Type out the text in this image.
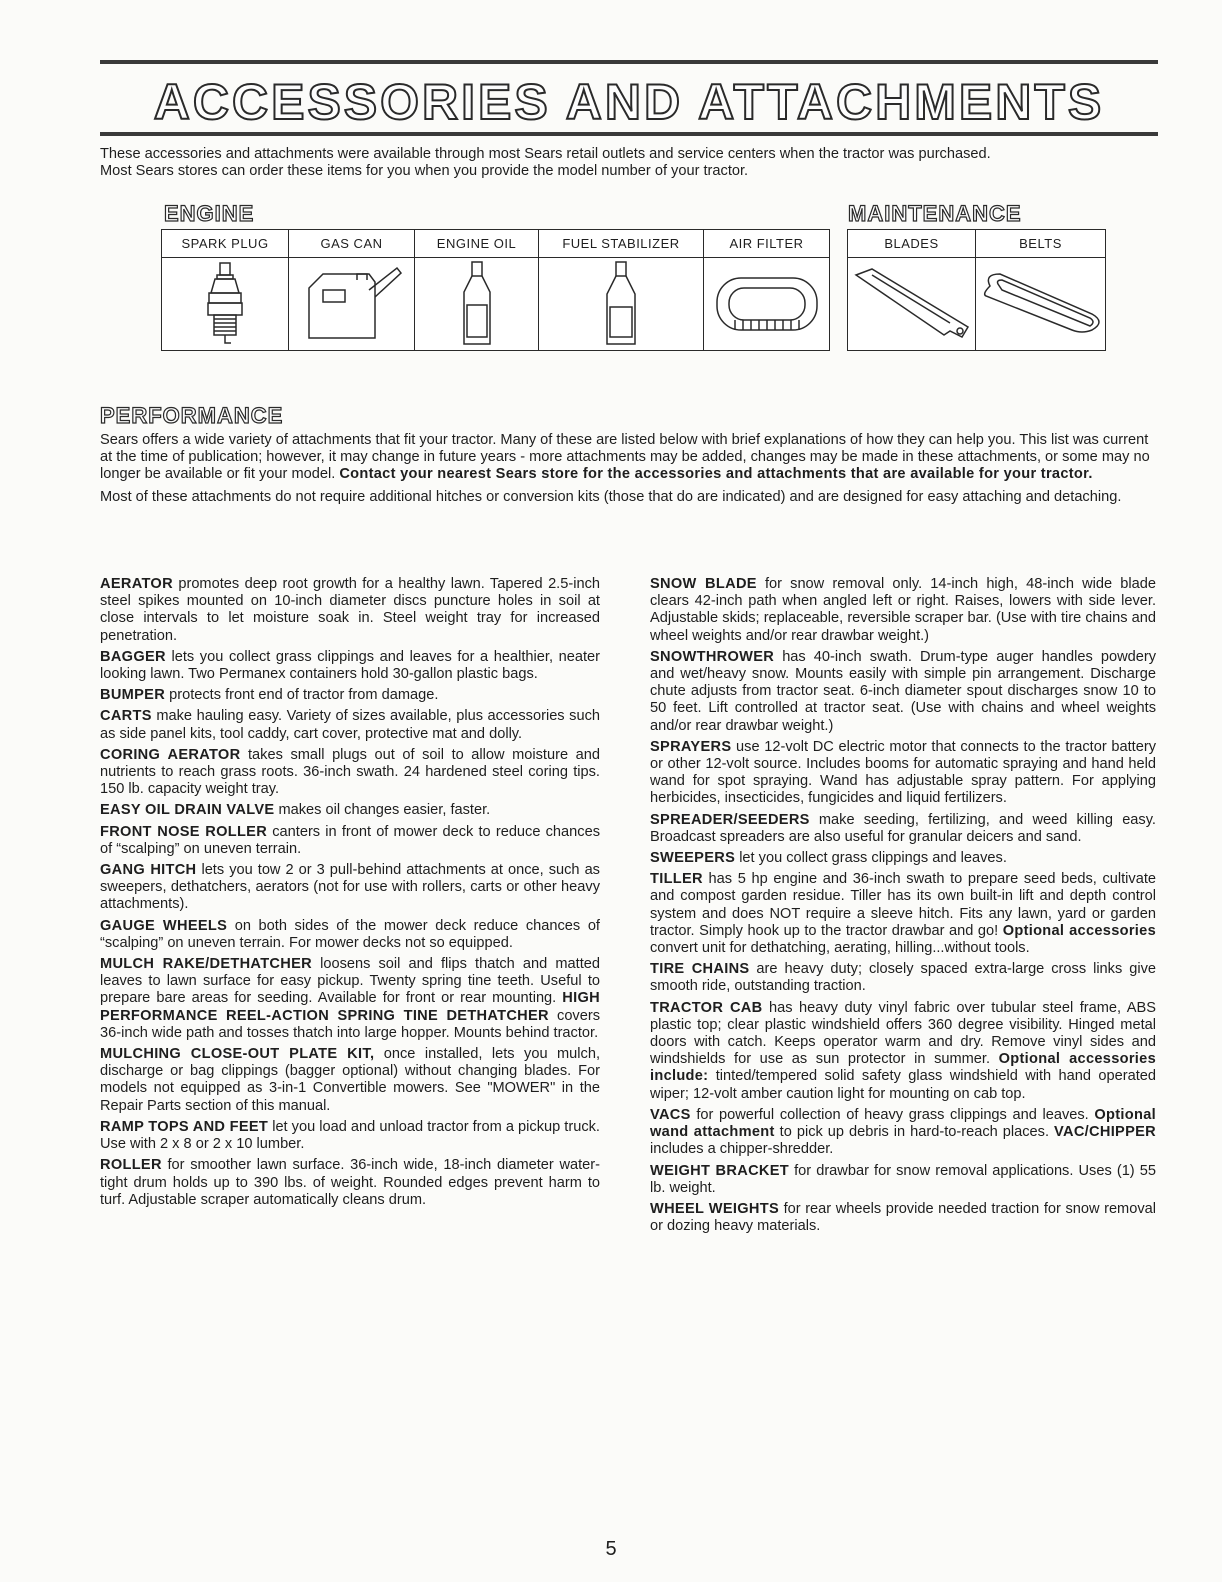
ACCESSORIES AND ATTACHMENTS
These accessories and attachments were available through most Sears retail outlets and service centers when the tractor was purchased.
Most Sears stores can order these items for you when you provide the model number of your tractor.
ENGINE	MAINTENANCE
SPARK PLUG	GAS CAN	ENGINE OIL	FUEL STABILIZER	AIR FILTER

		BLADES	BELTS

PERFORMANCE

Sears offers a wide variety of attachments that fit your tractor. Many of these are listed below with brief explanations of how they can help you. This list was current at the time of publication; however, it may change in future years - more attachments may be added, changes may be made in these attachments, or some may no longer be available or fit your model. Contact your nearest Sears store for the accessories and attachments that are available for your tractor.

Most of these attachments do not require additional hitches or conversion kits (those that do are indicated) and are designed for easy attaching and detaching.

AERATOR promotes deep root growth for a healthy lawn. Tapered 2.5-inch steel spikes mounted on 10-inch diameter discs puncture holes in soil at close intervals to let moisture soak in. Steel weight tray for increased penetration.

BAGGER lets you collect grass clippings and leaves for a healthier, neater looking lawn. Two Permanex containers hold 30-gallon plastic bags.

BUMPER protects front end of tractor from damage.

CARTS make hauling easy. Variety of sizes available, plus accessories such as side panel kits, tool caddy, cart cover, protective mat and dolly.

CORING AERATOR takes small plugs out of soil to allow moisture and nutrients to reach grass roots. 36-inch swath. 24 hardened steel coring tips. 150 lb. capacity weight tray.

EASY OIL DRAIN VALVE makes oil changes easier, faster.

FRONT NOSE ROLLER canters in front of mower deck to reduce chances of “scalping” on uneven terrain.

GANG HITCH lets you tow 2 or 3 pull-behind attachments at once, such as sweepers, dethatchers, aerators (not for use with rollers, carts or other heavy attachments).

GAUGE WHEELS on both sides of the mower deck reduce chances of “scalping” on uneven terrain. For mower decks not so equipped.

MULCH RAKE/DETHATCHER loosens soil and flips thatch and matted leaves to lawn surface for easy pickup. Twenty spring tine teeth. Useful to prepare bare areas for seeding. Available for front or rear mounting. HIGH PERFORMANCE REEL-ACTION SPRING TINE DETHATCHER covers 36-inch wide path and tosses thatch into large hopper. Mounts behind tractor.

MULCHING CLOSE-OUT PLATE KIT, once installed, lets you mulch, discharge or bag clippings (bagger optional) without changing blades. For models not equipped as 3-in-1 Convertible mowers. See "MOWER" in the Repair Parts section of this manual.

RAMP TOPS AND FEET let you load and unload tractor from a pickup truck. Use with 2 x 8 or 2 x 10 lumber.

ROLLER for smoother lawn surface. 36-inch wide, 18-inch diameter water-tight drum holds up to 390 lbs. of weight. Rounded edges prevent harm to turf. Adjustable scraper automatically cleans drum.

SNOW BLADE for snow removal only. 14-inch high, 48-inch wide blade clears 42-inch path when angled left or right. Raises, lowers with side lever. Adjustable skids; replaceable, reversible scraper bar. (Use with tire chains and wheel weights and/or rear drawbar weight.)

SNOWTHROWER has 40-inch swath. Drum-type auger handles powdery and wet/heavy snow. Mounts easily with simple pin arrangement. Discharge chute adjusts from tractor seat. 6-inch diameter spout discharges snow 10 to 50 feet. Lift controlled at tractor seat. (Use with chains and wheel weights and/or rear drawbar weight.)

SPRAYERS use 12-volt DC electric motor that connects to the tractor battery or other 12-volt source. Includes booms for automatic spraying and hand held wand for spot spraying. Wand has adjustable spray pattern. For applying herbicides, insecticides, fungicides and liquid fertilizers.

SPREADER/SEEDERS make seeding, fertilizing, and weed killing easy. Broadcast spreaders are also useful for granular deicers and sand.

SWEEPERS let you collect grass clippings and leaves.

TILLER has 5 hp engine and 36-inch swath to prepare seed beds, cultivate and compost garden residue. Tiller has its own built-in lift and depth control system and does NOT require a sleeve hitch. Fits any lawn, yard or garden tractor. Simply hook up to the tractor drawbar and go! Optional accessories convert unit for dethatching, aerating, hilling...without tools.

TIRE CHAINS are heavy duty; closely spaced extra-large cross links give smooth ride, outstanding traction.

TRACTOR CAB has heavy duty vinyl fabric over tubular steel frame, ABS plastic top; clear plastic windshield offers 360 degree visibility. Hinged metal doors with catch. Keeps operator warm and dry. Remove vinyl sides and windshields for use as sun protector in summer. Optional accessories include: tinted/tempered solid safety glass windshield with hand operated wiper; 12-volt amber caution light for mounting on cab top.

VACS for powerful collection of heavy grass clippings and leaves. Optional wand attachment to pick up debris in hard-to-reach places. VAC/CHIPPER includes a chipper-shredder.

WEIGHT BRACKET for drawbar for snow removal applications. Uses (1) 55 lb. weight.

WHEEL WEIGHTS for rear wheels provide needed traction for snow removal or dozing heavy materials.

5
